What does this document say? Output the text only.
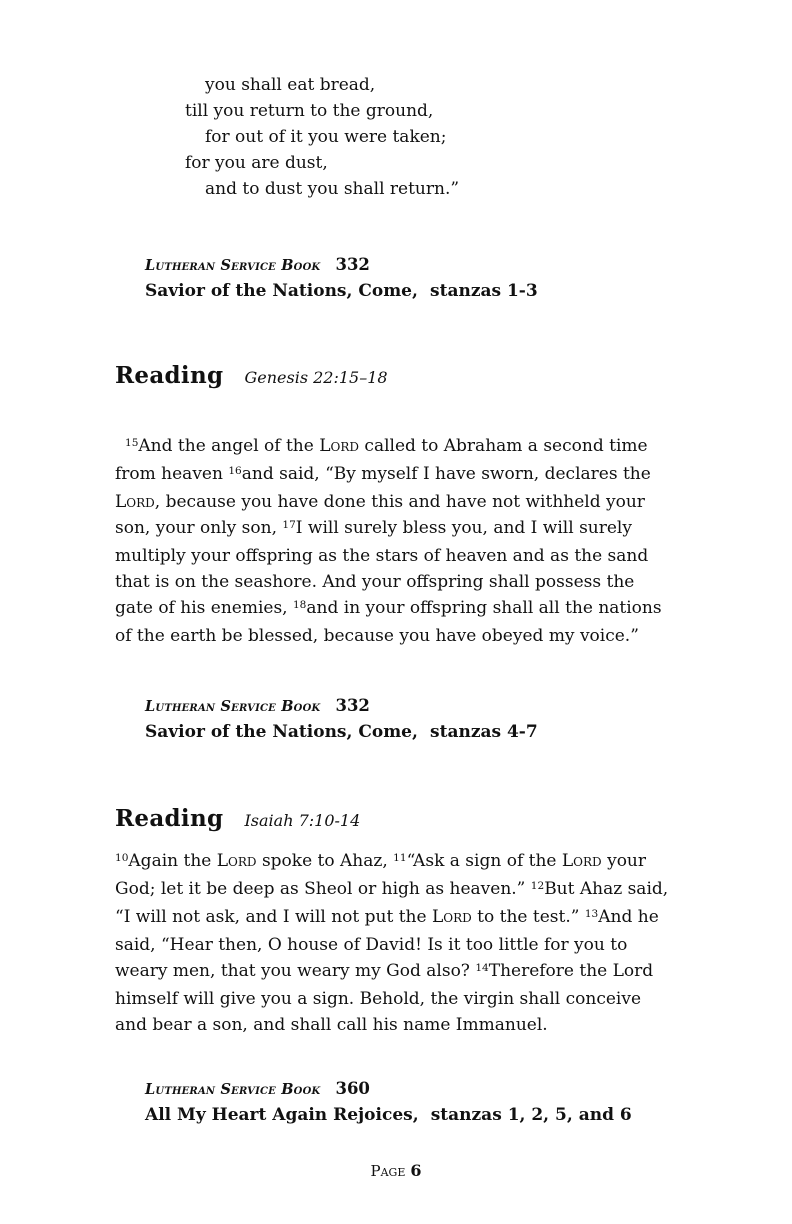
you shall eat bread,
till you return to the ground,
for out of it you were taken;
for you are dust,
and to dust you shall return.”
Lutheran Service Book 332
Savior of the Nations, Come, stanzas 1-3
Reading Genesis 22:15–18

$^{15}$And the angel of the Lord called to Abraham a second time from heaven $^{16}$and said, “By myself I have sworn, declares the Lord, because you have done this and have not withheld your son, your only son, $^{17}$I will surely bless you, and I will surely multiply your offspring as the stars of heaven and as the sand that is on the seashore. And your offspring shall possess the gate of his enemies, $^{18}$and in your offspring shall all the nations of the earth be blessed, because you have obeyed my voice.”

Lutheran Service Book 332
Savior of the Nations, Come, stanzas 4-7
Reading Isaiah 7:10-14

$^{10}$Again the Lord spoke to Ahaz, $^{11}$“Ask a sign of the Lord your God; let it be deep as Sheol or high as heaven.” $^{12}$But Ahaz said, “I will not ask, and I will not put the Lord to the test.” $^{13}$And he said, “Hear then, O house of David! Is it too little for you to weary men, that you weary my God also? $^{14}$Therefore the Lord himself will give you a sign. Behold, the virgin shall conceive and bear a son, and shall call his name Immanuel.

Lutheran Service Book 360
All My Heart Again Rejoices, stanzas 1, 2, 5, and 6
Page 6
